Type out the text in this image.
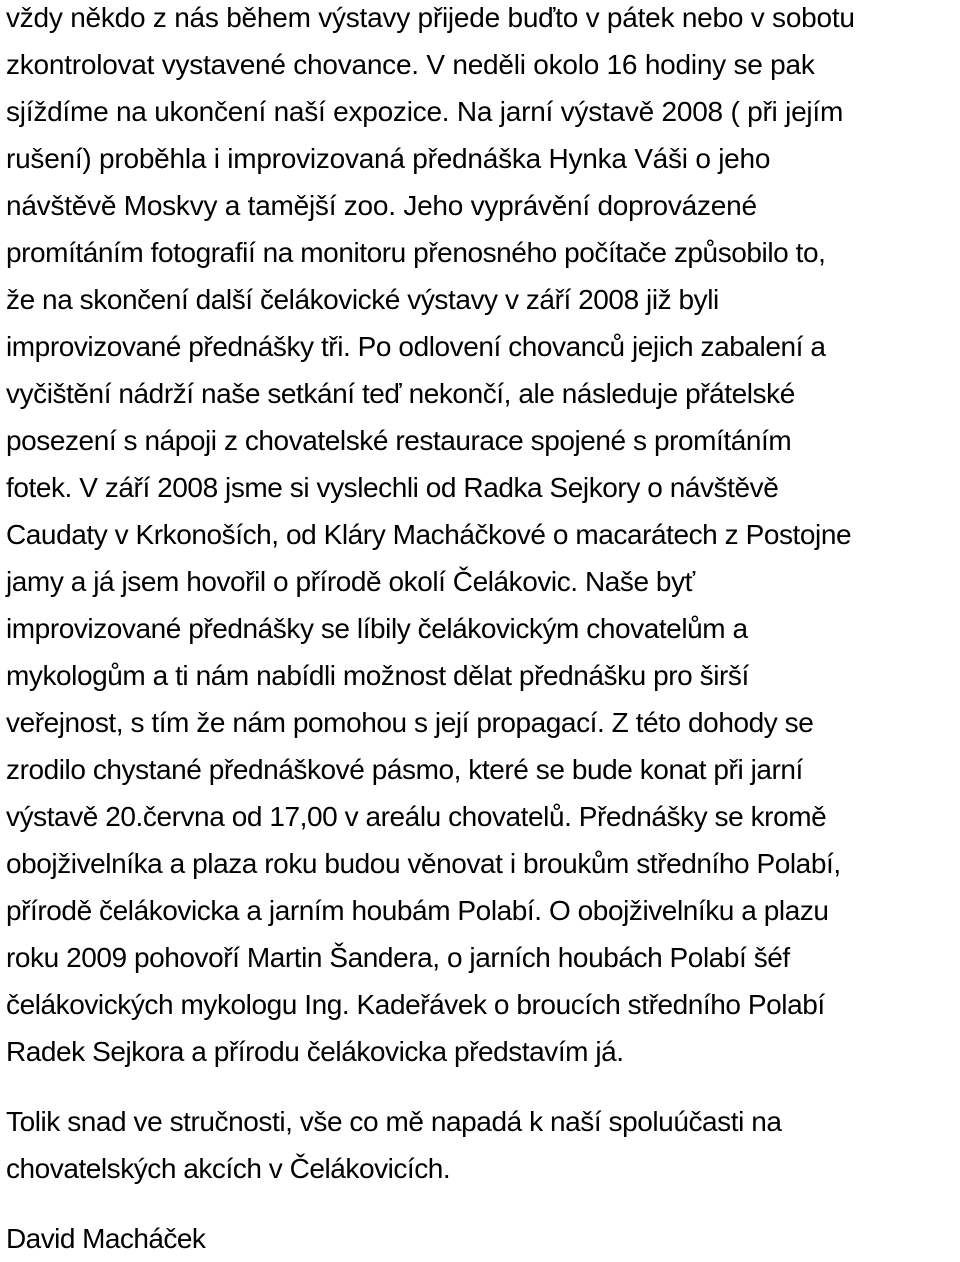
vždy někdo z nás během výstavy přijede buďto v pátek nebo v sobotu
zkontrolovat vystavené chovance. V neděli okolo 16 hodiny se pak
sjíždíme na ukončení naší expozice. Na jarní výstavě 2008 ( při jejím
rušení) proběhla i improvizovaná přednáška Hynka Váši o jeho
návštěvě Moskvy a tamější zoo. Jeho vyprávění doprovázené
promítáním fotografií na monitoru přenosného počítače způsobilo to,
že na skončení další čelákovické výstavy v září 2008 již byli
improvizované přednášky tři. Po odlovení chovanců jejich zabalení a
vyčištění nádrží naše setkání teď nekončí, ale následuje přátelské
posezení s nápoji z chovatelské restaurace spojené s promítáním
fotek. V září 2008 jsme si vyslechli od Radka Sejkory o návštěvě
Caudaty v Krkonoších, od Kláry Macháčkové o macarátech z Postojne
jamy a já jsem hovořil o přírodě okolí Čelákovic. Naše byť
improvizované přednášky se líbily čelákovickým chovatelům a
mykologům a ti nám nabídli možnost dělat přednášku pro širší
veřejnost, s tím že nám pomohou s její propagací. Z této dohody se
zrodilo chystané přednáškové pásmo, které se bude konat při jarní
výstavě 20.června od 17,00 v areálu chovatelů. Přednášky se kromě
obojživelníka a plaza roku budou věnovat i broukům středního Polabí,
přírodě čelákovicka a jarním houbám Polabí. O obojživelníku a plazu
roku 2009 pohovoří Martin Šandera, o jarních houbách Polabí šéf
čelákovických mykologu Ing. Kadeřávek o broucích středního Polabí
Radek Sejkora a přírodu čelákovicka představím já.
Tolik snad ve stručnosti, vše co mě napadá k naší spoluúčasti na
chovatelských akcích v Čelákovicích.
David Macháček
